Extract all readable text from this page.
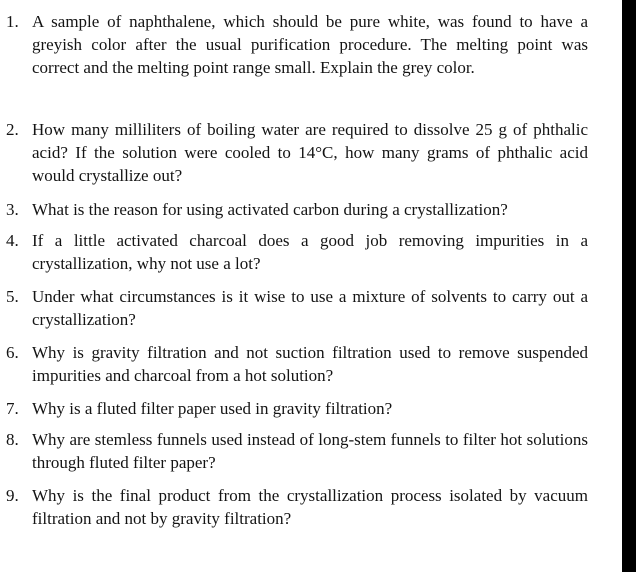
1. A sample of naphthalene, which should be pure white, was found to have a greyish color after the usual purification procedure. The melting point was correct and the melting point range small. Explain the grey color.
2. How many milliliters of boiling water are required to dissolve 25 g of phthalic acid? If the solution were cooled to 14°C, how many grams of phthalic acid would crystallize out?
3. What is the reason for using activated carbon during a crystallization?
4. If a little activated charcoal does a good job removing impurities in a crystallization, why not use a lot?
5. Under what circumstances is it wise to use a mixture of solvents to carry out a crystallization?
6. Why is gravity filtration and not suction filtration used to remove suspended impurities and charcoal from a hot solution?
7. Why is a fluted filter paper used in gravity filtration?
8. Why are stemless funnels used instead of long-stem funnels to filter hot solutions through fluted filter paper?
9. Why is the final product from the crystallization process isolated by vacuum filtration and not by gravity filtration?
